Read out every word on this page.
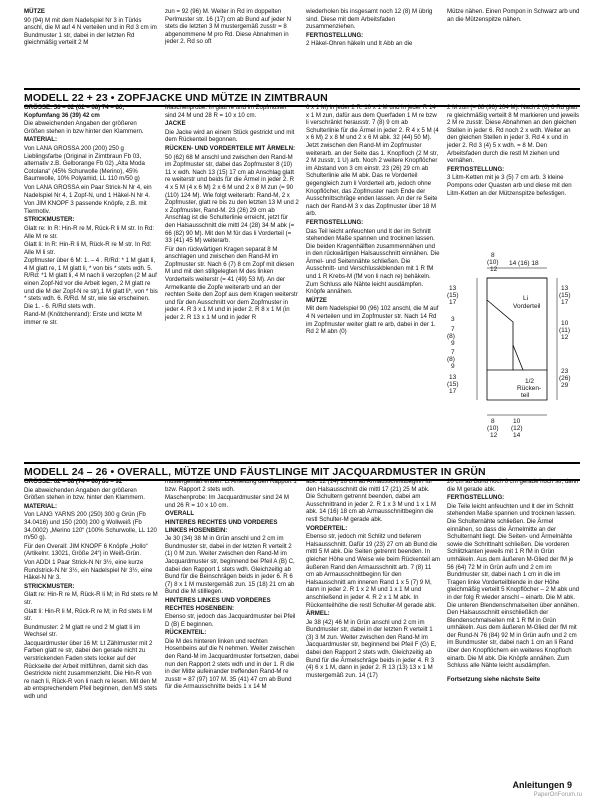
MÜTZE

90 (94) M mit dem Nadelspiel Nr 3 in Türkis anschl, die M auf 4 N verteilen und in Rd 3 cm im Bundmuster 1 str, dabei in der letzten Rd gleichmäßig verteilt 2 M

zun = 92 (96) M. Weiter in Rd im doppelten Perlmuster str. 16 (17) cm ab Bund auf jeder N stets die letzten 3 M mustergemäß zusstr = 8 abgenommene M pro Rd. Diese Abnahmen in jeder 2. Rd so oft

wiederholen bis insgesamt noch 12 (8) M übrig sind. Diese mit dem Arbeitsfaden zusammenziehen.

FERTIGSTELLUNG:

2 Häkel-Ohren häkeln und lt Abb an die

Mütze nähen. Einen Pompon in Schwarz arb und an die Mützenspitze nähen.

MODELL 22 + 23 • ZOPFJACKE UND MÜTZE IN ZIMTBRAUN

GRÖSSE: 56 – 62 (62 – 68) 74 – 80; Kopfumfang 36 (39) 42 cm

Die abweichenden Angaben der größeren Größen stehen in bzw hinter den Klammern.

MATERIAL:

Von LANA GROSSA 200 (200) 250 g Lieblingsfarbe (Original in Zimtbraun Fb 03, alternativ z.B. Gelborange Fb 02) „Alta Moda Cotolana“ (45% Schurwolle (Merino), 45% Baumwolle, 10% Polyamid, LL 110 m/50 g)

Von LANA GROSSA ein Paar Strick-N Nr 4, ein Nadelspiel Nr 4, 1 Zopf-N, und 1 Häkel-N Nr 4.

Von JIM KNOPF 3 passende Knöpfe, z.B. mit Tiermotiv.

STRICKMUSTER:

Glatt re: In R: Hin-R re M, Rück-R li M str. In Rd: Alle M re str.

Glatt li: In R: Hin-R li M, Rück-R re M str. In Rd: Alle M li str.

Zopfmuster über 6 M: 1. – 4 . R/Rd: * 1 M glatt li, 4 M glatt re, 1 M glatt li, * von bis * stets wdh. 5. R/Rd: *1 M glatt li, 4 M nach li verzopfen (2 M auf einen Zopf-Nd vor die Arbeit legen, 2 M glatt re und die M der Zopf-N re str),1 M glatt li*, von * bis * stets wdh. 6. R/Rd. M str, wie sie erscheinen. Die 1. - 6. R/Rd stets wdh.

Rand-M (Knötchenrand): Erste und letzte M immer re str.

Maschenprobe: In glatt re und im Zopfmuster sind 24 M und 28 R = 10 x 10 cm.

JACKE

Die Jacke wird an einem Stück gestrickt und mit dem Rückenteil begonnen.

RÜCKEN- UND VORDERTEILE MIT ÄRMELN:

50 (62) 68 M anschl und zwischen den Rand-M im Zopfmuster str, dabei das Zopfmuster 8 (10) 11 x wdh. Nach 13 (15) 17 cm ab Anschlag glatt re weiterstr und beids für die Ärmel in jeder 2. R 4 x 5 M (4 x 6 M) 2 x 6 M und 2 x 8 M zun (= 90 (110) 124 M). Wie folgt weiterarb: Rand-M, 2 x Zopfmuster, glatt re bis zu den letzten 13 M und 2 x Zopfmuster, Rand-M. 23 (26) 29 cm ab Anschlag ist die Schulterlinie erreicht, jetzt für den Halsausschnitt die mittl 24 (28) 34 M abk (= 66 (82) 90 M). Mit den M für das li Vorderteil (= 33 (41) 45 M) weiterarb.

Für den rückwärtigen Kragen separat 8 M anschlagen und zwischen den Rand-M im Zopfmuster str. Nach 6 (7) 8 cm Zopf mit diesen M und mit den stillgelegten M des linken Vorderteils weiterstr (= 41 (49) 53 M). An der Armelkante die Zopfe weiterarb und an der rechten Seite den Zopf aus dem Kragen weiterstr und für den Ausschnitt vor dem Zopfmuster in jeder 4. R 3 x 1 M und in jeder 2. R 8 x 1 M (in jeder 2. R 13 x 1 M und in jeder R

6 x 1 M) in jeder 2 R. 10 x 1 M und in jeder R 14 x 1 M zun, dafür aus dem Querfaden 1 M re bzw li verschränkt herausstr. 7 (8) 9 cm ab Schulterlinie für die Ärmel in jeder 2. R 4 x 5 M (4 x 6 M) 2 x 8 M und 2 x 6 M abk. 32 (44) 50 M). Jetzt zwischen den Rand-M im Zopfmuster weiterarb. an der Seite das 1. Knopfloch (2 M str, 2 M zusstr, 1 U) arb. Noch 2 weitere Knopflöcher im Abstand von 3 cm einstr. 23 (26) 29 cm ab Schulterlinie alle M abk. Das re Vorderteil gegengleich zum li Vorderteil arb, jedoch ohne Knopflöcher, das Zopfmuster nach Ende der Ausschnittschräge enden lassen. An der re Seite nach der Rand-M 3 x das Zopfmuster über 18 M arb.

FERTIGSTELLUNG:

Das Teil leicht anfeuchten und lt der im Schnitt stehenden Maße spannen und trocknen lassen. Die beiden Kragenhälften zusammennähen und in den rückwärtigen Halsausschnitt einnähen. Die Ärmel- und Seitennähte schließen. Die Ausschnitt- und Verschlusskblenden mit 1 R fM und 1 R Krebs-M (fM von li nach re) behäkeln. Zum Schluss alle Nähte leicht ausdämpfen. Knöpfe annähen.

MÜTZE

Mit dem Nadelspiel 90 (96) 102 anschl, die M auf 4 N verteilen und im Zopfmuster str. Nach 14 Rd im Zopfmuster weiter glatt re arb, dabei in der 1. Rd 2 M abn (0)

2 M zun (= 88 (96) 104 M). Nach 2 (6) 8 Rd glatt re gleichmäßig verteilt 8 M markieren und jeweils 2 M re zusstr. Diese Abnahmen an den gleichen Stellen in jeder 6. Rd noch 2 x wdh. Weiter an den gleichen Stellen in jeder 3. Rd 4 x und in jeder 2. Rd 3 (4) 5 x wdh. = 8 M. Den Arbeitsfaden durch die restl M ziehen und vernähen.

FERTIGSTELLUNG:

3 Litm-Ketten mit je 3 (5) 7 cm arb. 3 kleine Pompons oder Quasten arb und diese mit den Litm-Ketten an der Mützenspitze befestigen.

8
(10)
12
14 (16) 18
13
(15)
17
3
7
(8)
9
7
(8)
9
13
(15)
17
13
(15)
17
10
(11)
12
23
(26)
29
Li
Vorderteil
1/2
Rücken-
teil
8
(10)
12
10
(12)
14
MODELL 24 – 26 • OVERALL, MÜTZE UND FÄUSTLINGE MIT JACQUARDMUSTER IN GRÜN

GRÖSSE: 62 – 68 (74 – 80) 86 – 92

Die abweichenden Angaben der größeren Größen stehen in bzw. hinter den Klammern.

MATERIAL:

Von LANG YARNS 200 (250) 300 g Grün (Fb 34.0416) und 150 (200) 200 g Wollweiß (Fb 34.0002) „Merino 120“ (100% Schurwolle, LL 120 m/50 g).

Für den Overall: JIM KNOPF 6 Knöpfe „Hollo“ (Artikelnr. 13021, Größe 24“) in Weiß-Grün.

Von ADDI 1 Paar Strick-N Nr 3½, eine kurze Rundstrick-N Nr 3½, ein Nadelspiel Nr 3½, eine Häkel-N Nr 3.

STRICKMUSTER:

Glatt re: Hin-R re M, Rück-R li M; in Rd stets re M str.

Glatt li: Hin-R li M, Rück-R re M; in Rd stets li M str.

Bundmuster: 2 M glatt re und 2 M glatt li im Wechsel str.

Jacquardmuster über 16 M: Lt Zählmuster mit 2 Farben glatt re str, dabei den gerade nicht zu verstrickenden Faden stets locker auf der Rückseite der Arbeit mitführen, damit sich das Gestrickte nicht zusammenzieht. Die Hin-R von re nach li, Rück-R von li nach re lesen. Mit den M ab entsprechendem Pfeil beginnen, den MS stets wdh und

mustergemäß enden. Lt Anleitung den Rapport 1 bzw. Rapport 2 stets wdh.

Maschenprobe: Im Jacquardmuster sind 24 M und 26 R = 10 x 10 cm.

OVERALL

HINTERES RECHTES UND VORDERES LINKES HOSENBEIN:

Je 30 (34) 38 M in Grün anschl und 2 cm im Bundmuster str, dabei in der letzten R verteilt 2 (1) 0 M zun. Weiter zwischen den Rand-M im Jacquardmuster str, beginnend bei Pfeil A (B) C, dabei den Rapport 1 stets wdh. Gleichzeitig ab Bund für die Beinschrägen beids in jeder 6. R 6 (7) 8 x 1 M mustergemäß zun. 15 (18) 21 cm ab Bund die M stilllegen.

HINTERES LINKES UND VORDERES RECHTES HOSENBEIN:

Ebenso str, jedoch das Jacquardmuster bei Pfeil D (B) E beginnen.

RÜCKENTEIL:

Die M des hinteren linken und rechten Hosenbeins auf die N nehmen. Weiter zwischen den Rand-M im Jacquardmuster fortsetzen, dabei nun den Rapport 2 stets wdh und in der 1. R die in der Mitte aufeinander treffenden Rand-M re zusstr = 87 (97) 107 M. 35 (41) 47 cm ab Bund für die Armausschnitte beids 1 x 14 M

abk. 12 (14) 16 cm ab Armausschnittbeginn für den Halsausschnitt die mittl 17 (21) 25 M abk. Die Schultern getrennt beenden, dabei am Ausschnittrand in jeder 2. R 1 x 3 M und 1 x 1 M abk. 14 (16) 18 cm ab Armausschnittbeginn die restl Schulter-M gerade abk.

VORDERTEIL:

Ebenso str, jedoch mit Schlitz und tieferem Halsausschnitt. Dafür 19 (23) 27 cm ab Bund die mittl 5 M abk. Die Seiten getrennt beenden. In gleicher Höhe und Weise wie beim Rückenteil am äußeren Rand den Armausschnitt arb. 7 (8) 11 cm ab Armausschnittbeginn für den Halsausschnitt am inneren Rand 1 x 5 (7) 9 M, dann in jeder 2. R 1 x 2 M und 1 x 1 M und anschließend in jeder 4. R 2 x 1 M abk. In Rückenteilhöhe die restl Schulter-M gerade abk.

ÄRMEL:

Je 38 (42) 46 M in Grün anschl und 2 cm im Bundmuster str, dabei in der letzten R verteilt 1 (3) 3 M zun. Weiter zwischen den Rand-M im Jacquardmuster str, beginnend bei Pfeil F (G) E, dabei den Rapport 2 stets wdh. Gleichzeitig ab Bund für die Ärmelschräge beids in jeder 4. R 3 (4) 6 x 1 M, dann in jeder 2. R 13 (13) 13 x 1 M mustergemäß zun. 14 (17)

20 cm ab Bund noch 6 cm gerade hoch str, dann die M gerade abk.

FERTIGSTELLUNG:

Die Teile leicht anfeuchten und lt der im Schnitt stehenden Maße spannen und trocknen lassen. Die Schulternähte schließen. Die Ärmel einnähen, so dass die Ärmelmitte an der Schulternaht liegt. Die Seiten- und Ärmelnähte sowie die Schrittnaht schließen. Die vorderen Schlitzkanten jeweils mit 1 R fM in Grün umhäkeln. Aus dem äußeren M-Glied der fM je 56 (64) 72 M in Grün aufn und 2 cm im Bundmuster str, dabei nach 1 cm in die im Tragen linke Vorderteilblende in der Höhe gleichmäßig verteilt 5 Knopflöcher – 2 M abk und in der folg R wieder anschl – einarb. Die M abk. Die unteren Blendenschmalseiten über annähen. Den Halsausschnitt einschließlich der Blendenschmalseiten mit 1 R fM in Grün umhäkeln. Aus dem äußeren M-Glied der fM mit der Rund-N 76 (84) 92 M in Grün aufn und 2 cm im Bundmuster str, dabei nach 1 cm an li Rand über den Knopflöchern ein weiteres Knopfloch einarb. Die M abk. Die Knöpfe annähen. Zum Schluss alle Nähte leicht ausdämpfen.

Fortsetzung siehe nächste Seite

Anleitungen 9
PaperOnForum.ru
